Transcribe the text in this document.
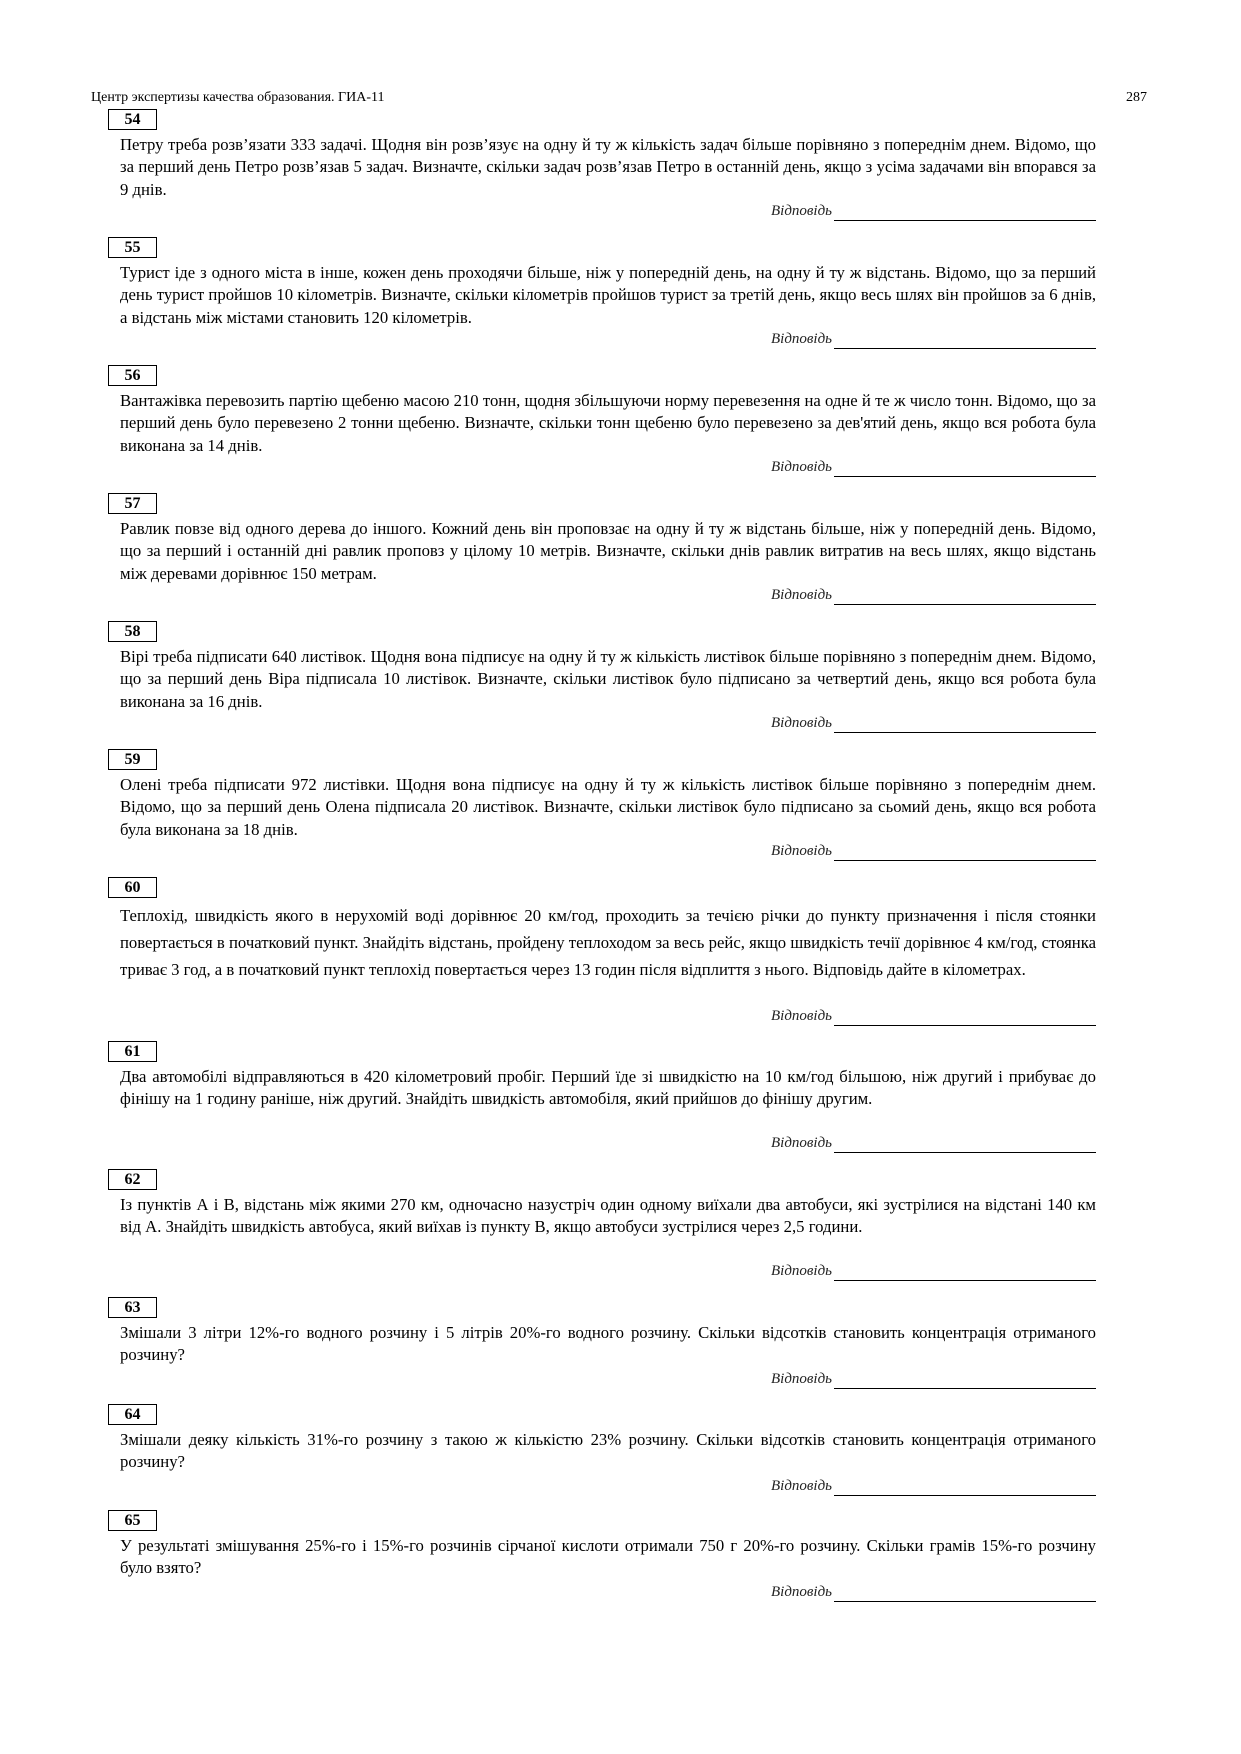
Центр экспертизы качества образования. ГИА-11	287
54
Петру треба розв’язати 333 задачі. Щодня він розв’язує на одну й ту ж кількість задач більше порівняно з попереднім днем. Відомо, що за перший день Петро розв’язав 5 задач. Визначте, скільки задач розв’язав Петро в останній день, якщо з усіма задачами він впорався за 9 днів.
Відповідь
55
Турист іде з одного міста в інше, кожен день проходячи більше, ніж у попередній день, на одну й ту ж відстань. Відомо, що за перший день турист пройшов 10 кілометрів. Визначте, скільки кілометрів пройшов турист за третій день, якщо весь шлях він пройшов за 6 днів, а відстань між містами становить 120 кілометрів.
Відповідь
56
Вантажівка перевозить партію щебеню масою 210 тонн, щодня збільшуючи норму перевезення на одне й те ж число тонн. Відомо, що за перший день було перевезено 2 тонни щебеню. Визначте, скільки тонн щебеню було перевезено за дев'ятий день, якщо вся робота була виконана за 14 днів.
Відповідь
57
Равлик повзе від одного дерева до іншого. Кожний день він проповзає на одну й ту ж відстань більше, ніж у попередній день. Відомо, що за перший і останній дні равлик проповз у цілому 10 метрів. Визначте, скільки днів равлик витратив на весь шлях, якщо відстань між деревами дорівнює 150 метрам.
Відповідь
58
Вірі треба підписати 640 листівок. Щодня вона підписує на одну й ту ж кількість листівок більше порівняно з попереднім днем. Відомо, що за перший день Віра підписала 10 листівок. Визначте, скільки листівок було підписано за четвертий день, якщо вся робота була виконана за 16 днів.
Відповідь
59
Олені треба підписати 972 листівки. Щодня вона підписує на одну й ту ж кількість листівок більше порівняно з попереднім днем. Відомо, що за перший день Олена підписала 20 листівок. Визначте, скільки листівок було підписано за сьомий день, якщо вся робота була виконана за 18 днів.
Відповідь
60
Теплохід, швидкість якого в нерухомій воді дорівнює 20 км/год, проходить за течією річки до пункту призначення і після стоянки повертається в початковий пункт. Знайдіть відстань, пройдену теплоходом за весь рейс, якщо швидкість течії дорівнює 4 км/год, стоянка триває 3 год, а в початковий пункт теплохід повертається через 13 годин після відплиття з нього. Відповідь дайте в кілометрах.
Відповідь
61
Два автомобілі відправляються в 420 кілометровий пробіг. Перший їде зі швидкістю на 10 км/год більшою, ніж другий і прибуває до фінішу на 1 годину раніше, ніж другий. Знайдіть швидкість автомобіля, який прийшов до фінішу другим.
Відповідь
62
Із пунктів А і В, відстань між якими 270 км, одночасно назустріч один одному виїхали два автобуси, які зустрілися на відстані 140 км від А. Знайдіть швидкість автобуса, який виїхав із пункту В, якщо автобуси зустрілися через 2,5 години.
Відповідь
63
Змішали 3 літри 12%-го водного розчину і 5 літрів 20%-го водного розчину. Скільки відсотків становить концентрація отриманого розчину?
Відповідь
64
Змішали деяку кількість 31%-го розчину з такою ж кількістю 23% розчину. Скільки відсотків становить концентрація отриманого розчину?
Відповідь
65
У результаті змішування 25%-го і 15%-го розчинів сірчаної кислоти отримали 750 г 20%-го розчину. Скільки грамів 15%-го розчину було взято?
Відповідь
